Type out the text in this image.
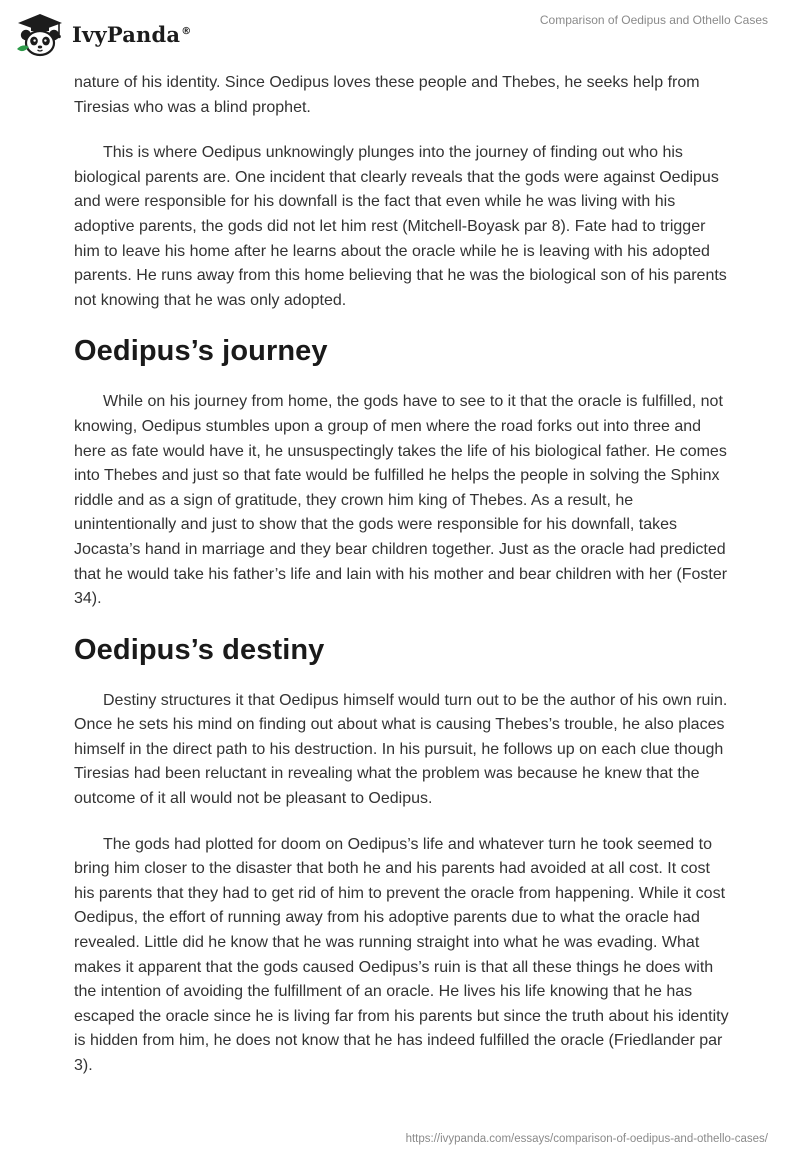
IvyPanda®
Comparison of Oedipus and Othello Cases

nature of his identity. Since Oedipus loves these people and Thebes, he seeks help from Tiresias who was a blind prophet.

This is where Oedipus unknowingly plunges into the journey of finding out who his biological parents are. One incident that clearly reveals that the gods were against Oedipus and were responsible for his downfall is the fact that even while he was living with his adoptive parents, the gods did not let him rest (Mitchell-Boyask par 8). Fate had to trigger him to leave his home after he learns about the oracle while he is leaving with his adopted parents. He runs away from this home believing that he was the biological son of his parents not knowing that he was only adopted.

Oedipus’s journey

While on his journey from home, the gods have to see to it that the oracle is fulfilled, not knowing, Oedipus stumbles upon a group of men where the road forks out into three and here as fate would have it, he unsuspectingly takes the life of his biological father. He comes into Thebes and just so that fate would be fulfilled he helps the people in solving the Sphinx riddle and as a sign of gratitude, they crown him king of Thebes. As a result, he unintentionally and just to show that the gods were responsible for his downfall, takes Jocasta’s hand in marriage and they bear children together. Just as the oracle had predicted that he would take his father’s life and lain with his mother and bear children with her (Foster 34).

Oedipus’s destiny

Destiny structures it that Oedipus himself would turn out to be the author of his own ruin. Once he sets his mind on finding out about what is causing Thebes’s trouble, he also places himself in the direct path to his destruction. In his pursuit, he follows up on each clue though Tiresias had been reluctant in revealing what the problem was because he knew that the outcome of it all would not be pleasant to Oedipus.

The gods had plotted for doom on Oedipus’s life and whatever turn he took seemed to bring him closer to the disaster that both he and his parents had avoided at all cost. It cost his parents that they had to get rid of him to prevent the oracle from happening. While it cost Oedipus, the effort of running away from his adoptive parents due to what the oracle had revealed. Little did he know that he was running straight into what he was evading. What makes it apparent that the gods caused Oedipus’s ruin is that all these things he does with the intention of avoiding the fulfillment of an oracle. He lives his life knowing that he has escaped the oracle since he is living far from his parents but since the truth about his identity is hidden from him, he does not know that he has indeed fulfilled the oracle (Friedlander par 3).

https://ivypanda.com/essays/comparison-of-oedipus-and-othello-cases/
